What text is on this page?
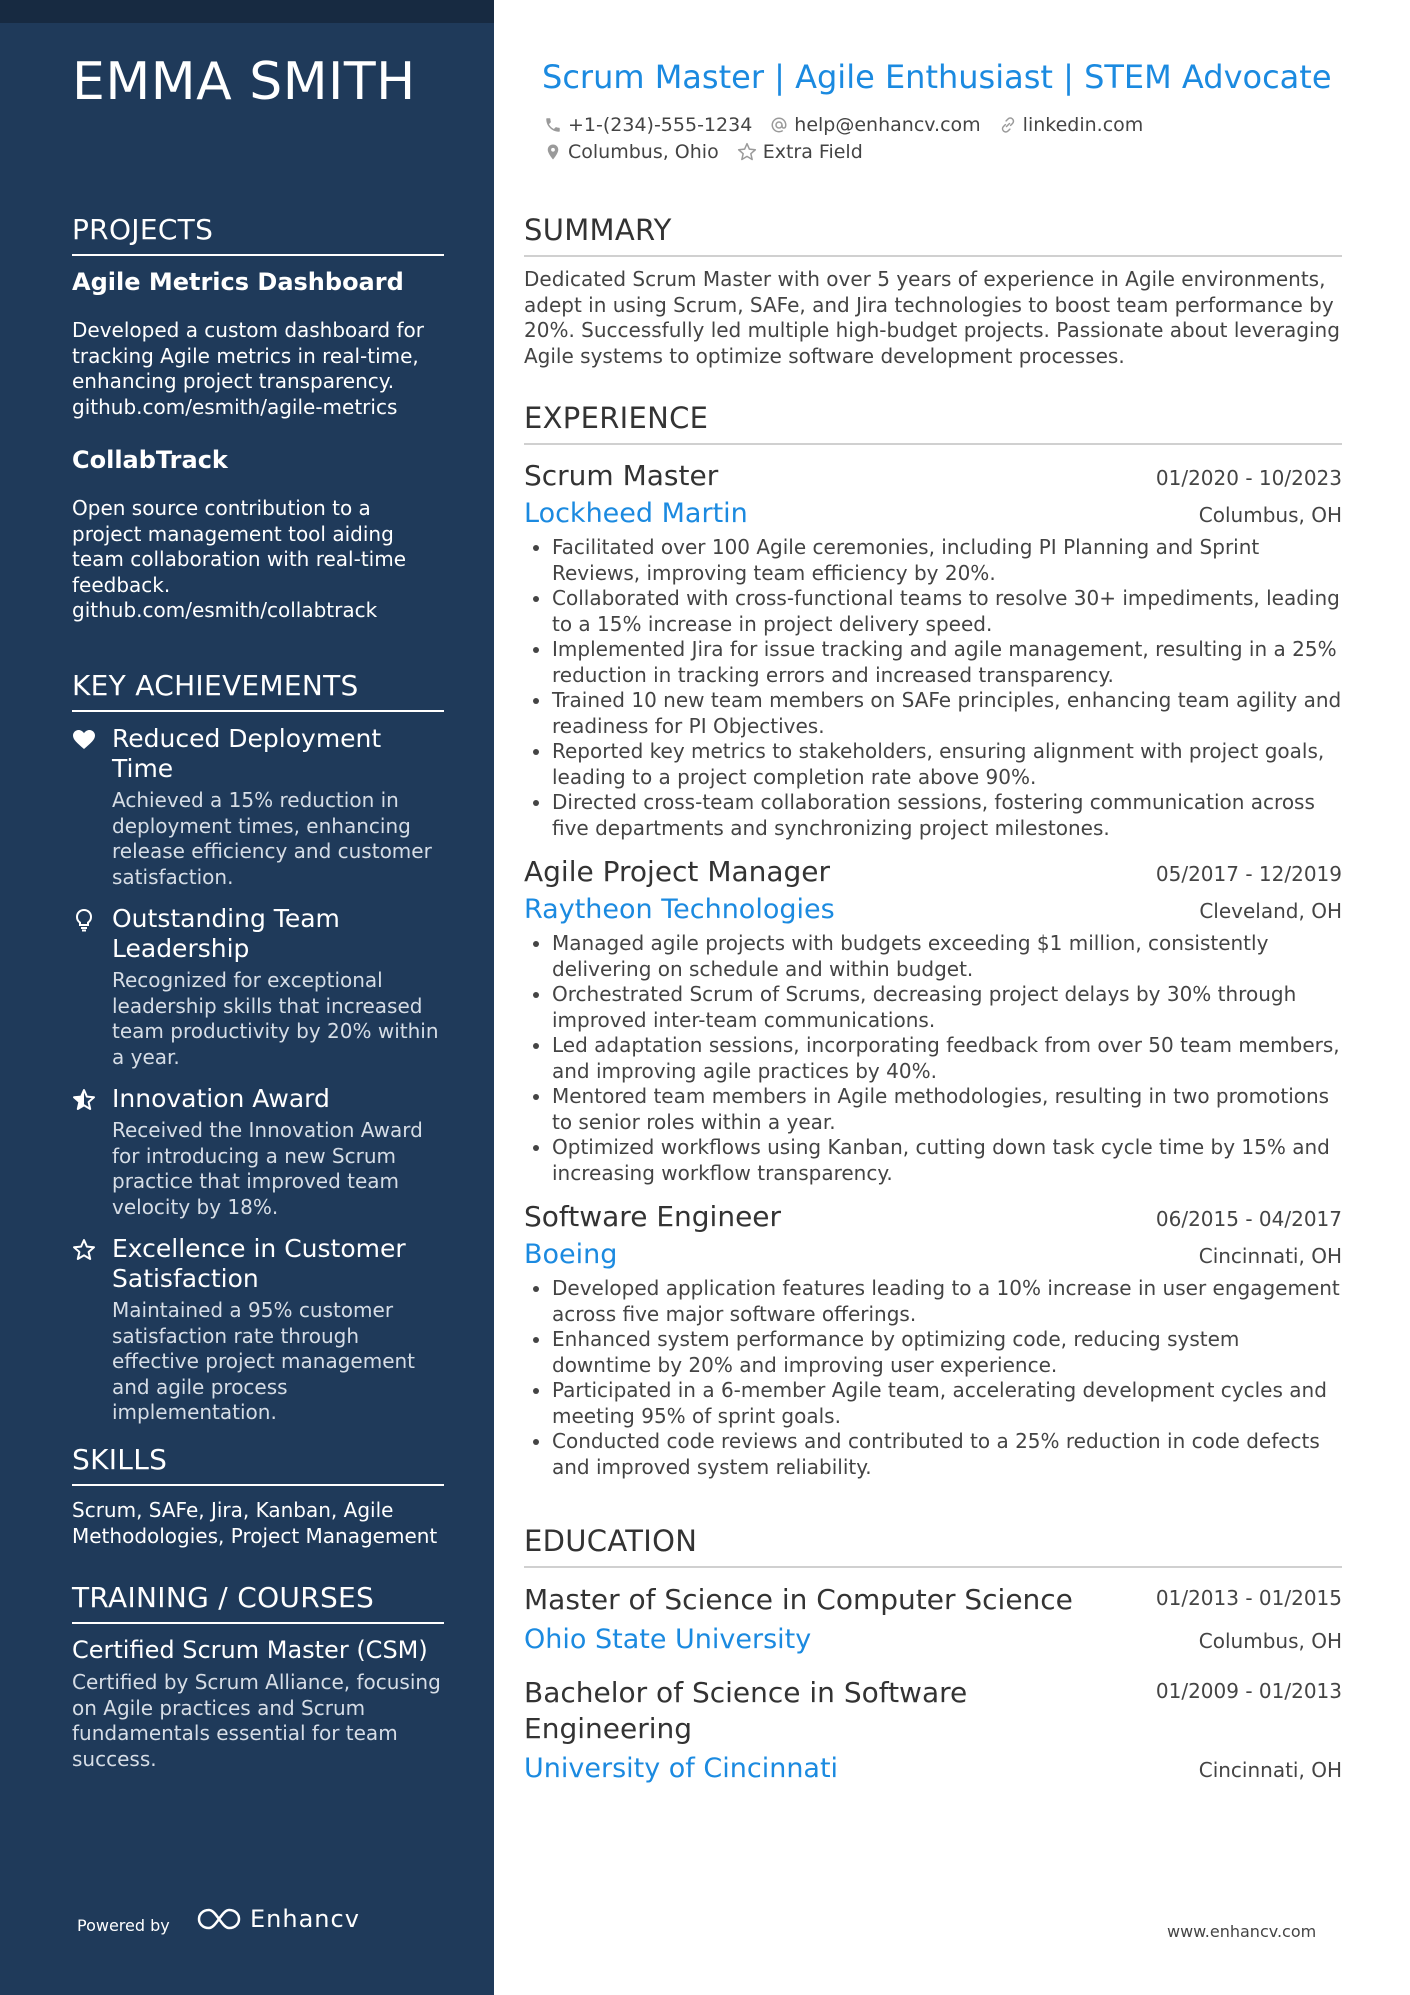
EMMA SMITH
PROJECTS
Agile Metrics Dashboard
Developed a custom dashboard for tracking Agile metrics in real-time, enhancing project transparency.
github.com/esmith/agile-metrics
CollabTrack
Open source contribution to a project management tool aiding team collaboration with real-time feedback.
github.com/esmith/collabtrack
KEY ACHIEVEMENTS
Reduced Deployment Time
Achieved a 15% reduction in deployment times, enhancing release efficiency and customer satisfaction.
Outstanding Team Leadership
Recognized for exceptional leadership skills that increased team productivity by 20% within a year.
Innovation Award
Received the Innovation Award for introducing a new Scrum practice that improved team velocity by 18%.
Excellence in Customer Satisfaction
Maintained a 95% customer satisfaction rate through effective project management and agile process implementation.
SKILLS
Scrum, SAFe, Jira, Kanban, Agile Methodologies, Project Management
TRAINING / COURSES
Certified Scrum Master (CSM)
Certified by Scrum Alliance, focusing on Agile practices and Scrum fundamentals essential for team success.
Powered by	Enhancv
Scrum Master | Agile Enthusiast | STEM Advocate
+1-(234)-555-1234 help@enhancv.com linkedin.com
Columbus, Ohio Extra Field
SUMMARY
Dedicated Scrum Master with over 5 years of experience in Agile environments, adept in using Scrum, SAFe, and Jira technologies to boost team performance by 20%. Successfully led multiple high-budget projects. Passionate about leveraging Agile systems to optimize software development processes.
EXPERIENCE
Scrum Master	01/2020 - 10/2023
Lockheed Martin	Columbus, OH
• Facilitated over 100 Agile ceremonies, including PI Planning and Sprint Reviews, improving team efficiency by 20%.
• Collaborated with cross-functional teams to resolve 30+ impediments, leading to a 15% increase in project delivery speed.
• Implemented Jira for issue tracking and agile management, resulting in a 25% reduction in tracking errors and increased transparency.
• Trained 10 new team members on SAFe principles, enhancing team agility and readiness for PI Objectives.
• Reported key metrics to stakeholders, ensuring alignment with project goals, leading to a project completion rate above 90%.
• Directed cross-team collaboration sessions, fostering communication across five departments and synchronizing project milestones.
Agile Project Manager	05/2017 - 12/2019
Raytheon Technologies	Cleveland, OH
• Managed agile projects with budgets exceeding $1 million, consistently delivering on schedule and within budget.
• Orchestrated Scrum of Scrums, decreasing project delays by 30% through improved inter-team communications.
• Led adaptation sessions, incorporating feedback from over 50 team members, and improving agile practices by 40%.
• Mentored team members in Agile methodologies, resulting in two promotions to senior roles within a year.
• Optimized workflows using Kanban, cutting down task cycle time by 15% and increasing workflow transparency.
Software Engineer	06/2015 - 04/2017
Boeing	Cincinnati, OH
• Developed application features leading to a 10% increase in user engagement across five major software offerings.
• Enhanced system performance by optimizing code, reducing system downtime by 20% and improving user experience.
• Participated in a 6-member Agile team, accelerating development cycles and meeting 95% of sprint goals.
• Conducted code reviews and contributed to a 25% reduction in code defects and improved system reliability.
EDUCATION
Master of Science in Computer Science	01/2013 - 01/2015
Ohio State University	Columbus, OH
Bachelor of Science in Software Engineering
01/2009 - 01/2013
University of Cincinnati	Cincinnati, OH
www.enhancv.com
